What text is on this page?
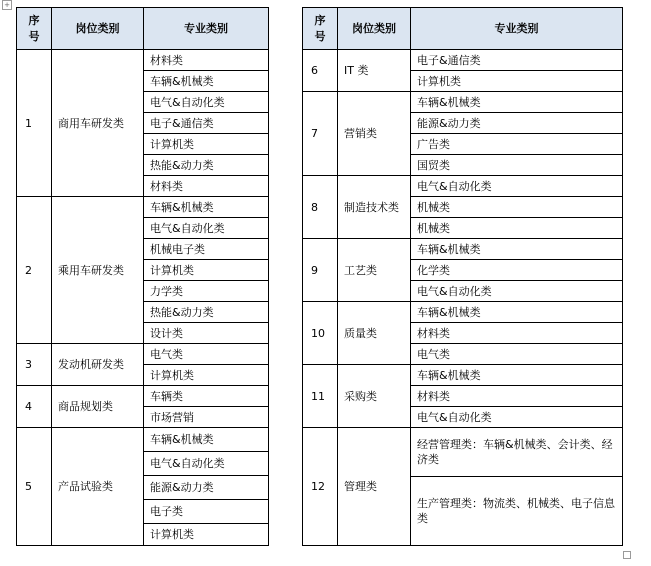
+
序
号	岗位类别	专业类别
1	商用车研发类	材料类
		车辆&机械类
		电气&自动化类
		电子&通信类
		计算机类
		热能&动力类
		材料类
2	乘用车研发类	车辆&机械类
		电气&自动化类
		机械电子类
		计算机类
		力学类
		热能&动力类
		设计类
3	发动机研发类	电气类
		计算机类
4	商品规划类	车辆类
		市场营销
5	产品试验类	车辆&机械类
		电气&自动化类
		能源&动力类
		电子类
		计算机类
序
号	岗位类别	专业类别
6	IT 类	电子&通信类
		计算机类
7	营销类	车辆&机械类
		能源&动力类
		广告类
		国贸类
8	制造技术类	电气&自动化类
		机械类
		机械类
9	工艺类	车辆&机械类
		化学类
		电气&自动化类
10	质量类	车辆&机械类
		材料类
		电气类
11	采购类	车辆&机械类
		材料类
		电气&自动化类
12	管理类	经营管理类：车辆&机械类、会计类、经济类
		生产管理类：物流类、机械类、电子信息类
